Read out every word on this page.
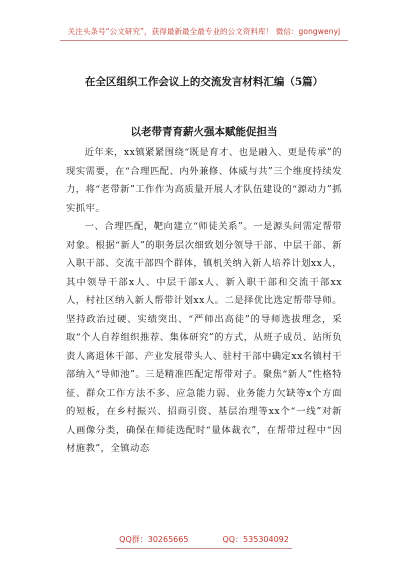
关注头条号“公文研究”，获得最新最全最专业的公文资料库！ 微信：gongwenyj
在全区组织工作会议上的交流发言材料汇编（5篇）
以老带青育薪火强本赋能促担当

近年来，xx镇紧紧围绕“既是育才、也是融入、更是传承”的现实需要，在“合理匹配、内外兼修、体威与共”三个维度持续发力，将“老带新”工作作为高质量开展人才队伍建设的“源动力”抓实抓牢。

一、合理匹配，靶向建立“师徒关系”。一是源头问需定帮带对象。根据“新人”的职务层次细致划分领导干部、中层干部、新入职干部、交流干部四个群体，镇机关纳入新人培养计划xx人，其中领导干部x人、中层干部x人、新入职干部和交流干部xx人，村社区纳入新人帮带计划xx人。二是择优比选定帮带导师。坚持政治过硬、实绩突出、“严师出高徒”的导师选拔理念，采取“个人自荐组织推荐、集体研究”的方式，从班子成员、站所负责人离退休干部、产业发展带头人、驻村干部中确定xx名镇村干部纳入“导师池”。三是精准匹配定帮带对子。聚焦“新人”性格特征、群众工作方法不多、应急能力弱、业务能力欠缺等x个方面的短板，在乡村振兴、招商引资、基层治理等xx个“一线”对新人画像分类，确保在师徒选配时“量体裁衣”，在帮带过程中“因材施教”，全镇动态

QQ群：30265665	QQ：535304092
